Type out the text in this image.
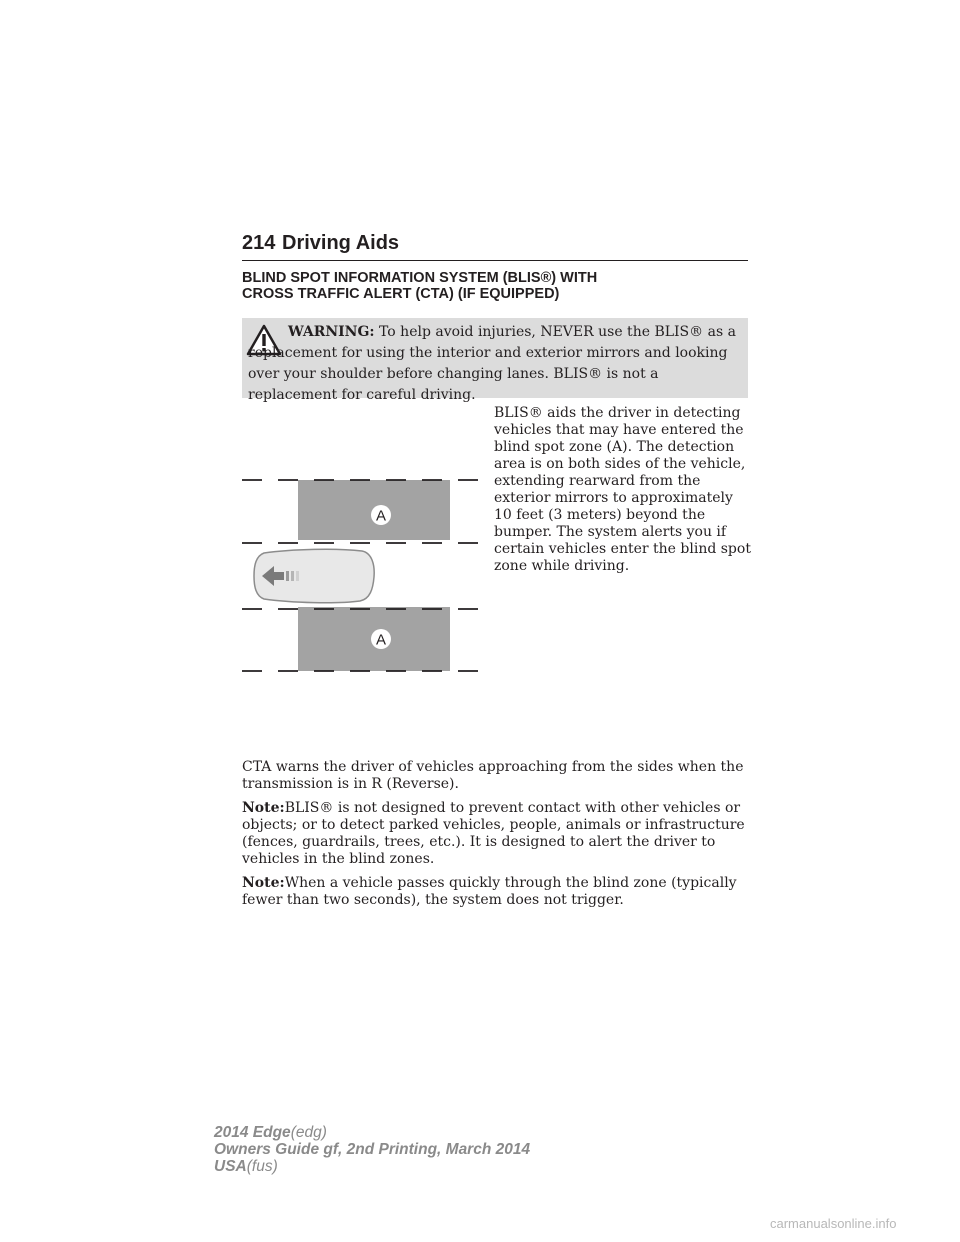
214 Driving Aids
BLIND SPOT INFORMATION SYSTEM (BLIS®) WITH
CROSS TRAFFIC ALERT (CTA) (IF EQUIPPED)
WARNING: To help avoid injuries, NEVER use the BLIS® as a replacement for using the interior and exterior mirrors and looking over your shoulder before changing lanes. BLIS® is not a replacement for careful driving.
A
A
BLIS® aids the driver in detecting vehicles that may have entered the blind spot zone (A). The detection area is on both sides of the vehicle, extending rearward from the exterior mirrors to approximately 10 feet (3 meters) beyond the bumper. The system alerts you if certain vehicles enter the blind spot zone while driving.

CTA warns the driver of vehicles approaching from the sides when the transmission is in R (Reverse).

Note:BLIS® is not designed to prevent contact with other vehicles or objects; or to detect parked vehicles, people, animals or infrastructure (fences, guardrails, trees, etc.). It is designed to alert the driver to vehicles in the blind zones.

Note:When a vehicle passes quickly through the blind zone (typically fewer than two seconds), the system does not trigger.

2014 Edge(edg)
Owners Guide gf, 2nd Printing, March 2014
USA(fus)
carmanualsonline.info
